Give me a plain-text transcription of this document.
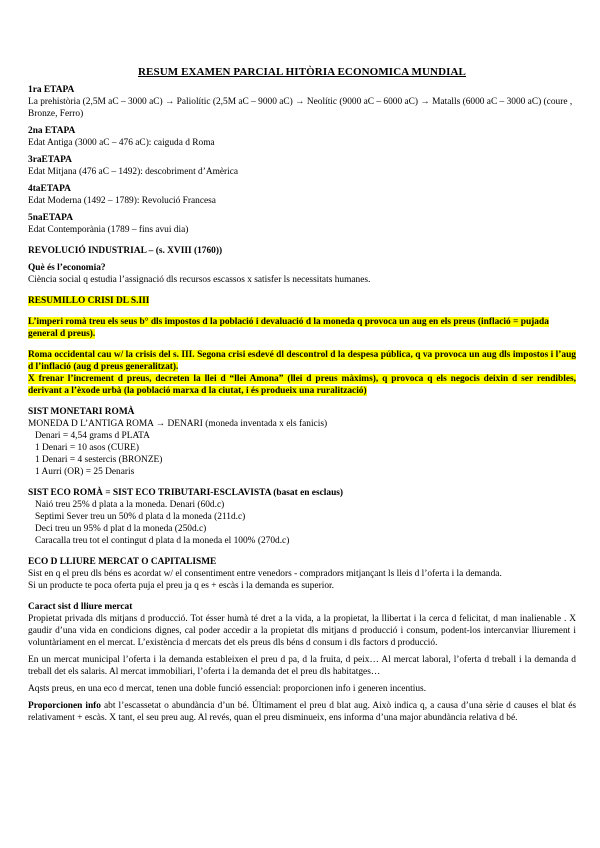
RESUM EXAMEN PARCIAL HITÒRIA ECONOMICA MUNDIAL
1ra ETAPA
La prehistòria (2,5M aC – 3000 aC) → Paliolític (2,5M aC – 9000 aC) → Neolític (9000 aC – 6000 aC) → Matalls (6000 aC – 3000 aC) (coure , Bronze, Ferro)
2na ETAPA
Edat Antiga (3000 aC – 476 aC): caiguda d Roma
3raETAPA
Edat Mitjana (476 aC – 1492): descobriment d’Amèrica
4taETAPA
Edat Moderna (1492 – 1789): Revolució Francesa
5naETAPA
Edat Contemporània (1789 – fins avui dia)
REVOLUCIÓ INDUSTRIAL – (s. XVIII (1760))
Què és l’economia?
Ciència social q estudia l’assignació dls recursos escassos x satisfer ls necessitats humanes.
RESUMILLO CRISI DL S.III
L’imperi romà treu els seus b° dls impostos d la població i devaluació d la moneda q provoca un aug en els preus (inflació = pujada general d preus).
Roma occidental cau w/ la crisis del s. III. Segona crisi esdevé dl descontrol d la despesa pública, q va provoca un aug dls impostos i l’aug d l’inflació (aug d preus generalitzat).
X frenar l’increment d preus, decreten la llei d “llei Amona” (llei d preus màxims), q provoca q els negocis deixin d ser rendibles, derivant a l’èxode urbà (la població marxa d la ciutat, i és produeix una ruralització)
SIST MONETARI ROMÀ
MONEDA D L’ANTIGA ROMA → DENARI (moneda inventada x els fanicis)
Denari = 4,54 grams d PLATA
1 Denari = 10 asos (CURE)
1 Denari = 4 sestercis (BRONZE)
1 Aurri (OR) = 25 Denaris
SIST ECO ROMÀ = SIST ECO TRIBUTARI-ESCLAVISTA (basat en esclaus)
Naió treu 25% d plata a la moneda. Denari (60d.c)
Septimi Sever treu un 50% d plata d la moneda (211d.c)
Deci treu un 95% d plat d la moneda (250d.c)
Caracalla treu tot el contingut d plata d la moneda el 100% (270d.c)
ECO D LLIURE MERCAT O CAPITALISME
Sist en q el preu dls béns es acordat w/ el consentiment entre venedors - compradors mitjançant ls lleis d l’oferta i la demanda.
Si un producte te poca oferta puja el preu ja q es + escàs i la demanda es superior.
Caract sist d lliure mercat
Propietat privada dls mitjans d producció. Tot ésser humà té dret a la vida, a la propietat, la llibertat i la cerca d felicitat, d man inalienable . X gaudir d’una vida en condicions dignes, cal poder accedir a la propietat dls mitjans d producció i consum, podent-los intercanviar lliurement i voluntàriament en el mercat. L’existència d mercats det els preus dls béns d consum i dls factors d producció.
En un mercat municipal l’oferta i la demanda estableixen el preu d pa, d la fruita, d peix… Al mercat laboral, l’oferta d treball i la demanda d treball det els salaris. Al mercat immobiliari, l’oferta i la demanda det el preu dls habitatges…
Aqsts preus, en una eco d mercat, tenen una doble funció essencial: proporcionen info i generen incentius.
Proporcionen info abt l’escassetat o abundància d’un bé. Últimament el preu d blat aug. Això indica q, a causa d’una sèrie d causes el blat és relativament + escàs. X tant, el seu preu aug. Al revés, quan el preu disminueix, ens informa d’una major abundància relativa d bé.
